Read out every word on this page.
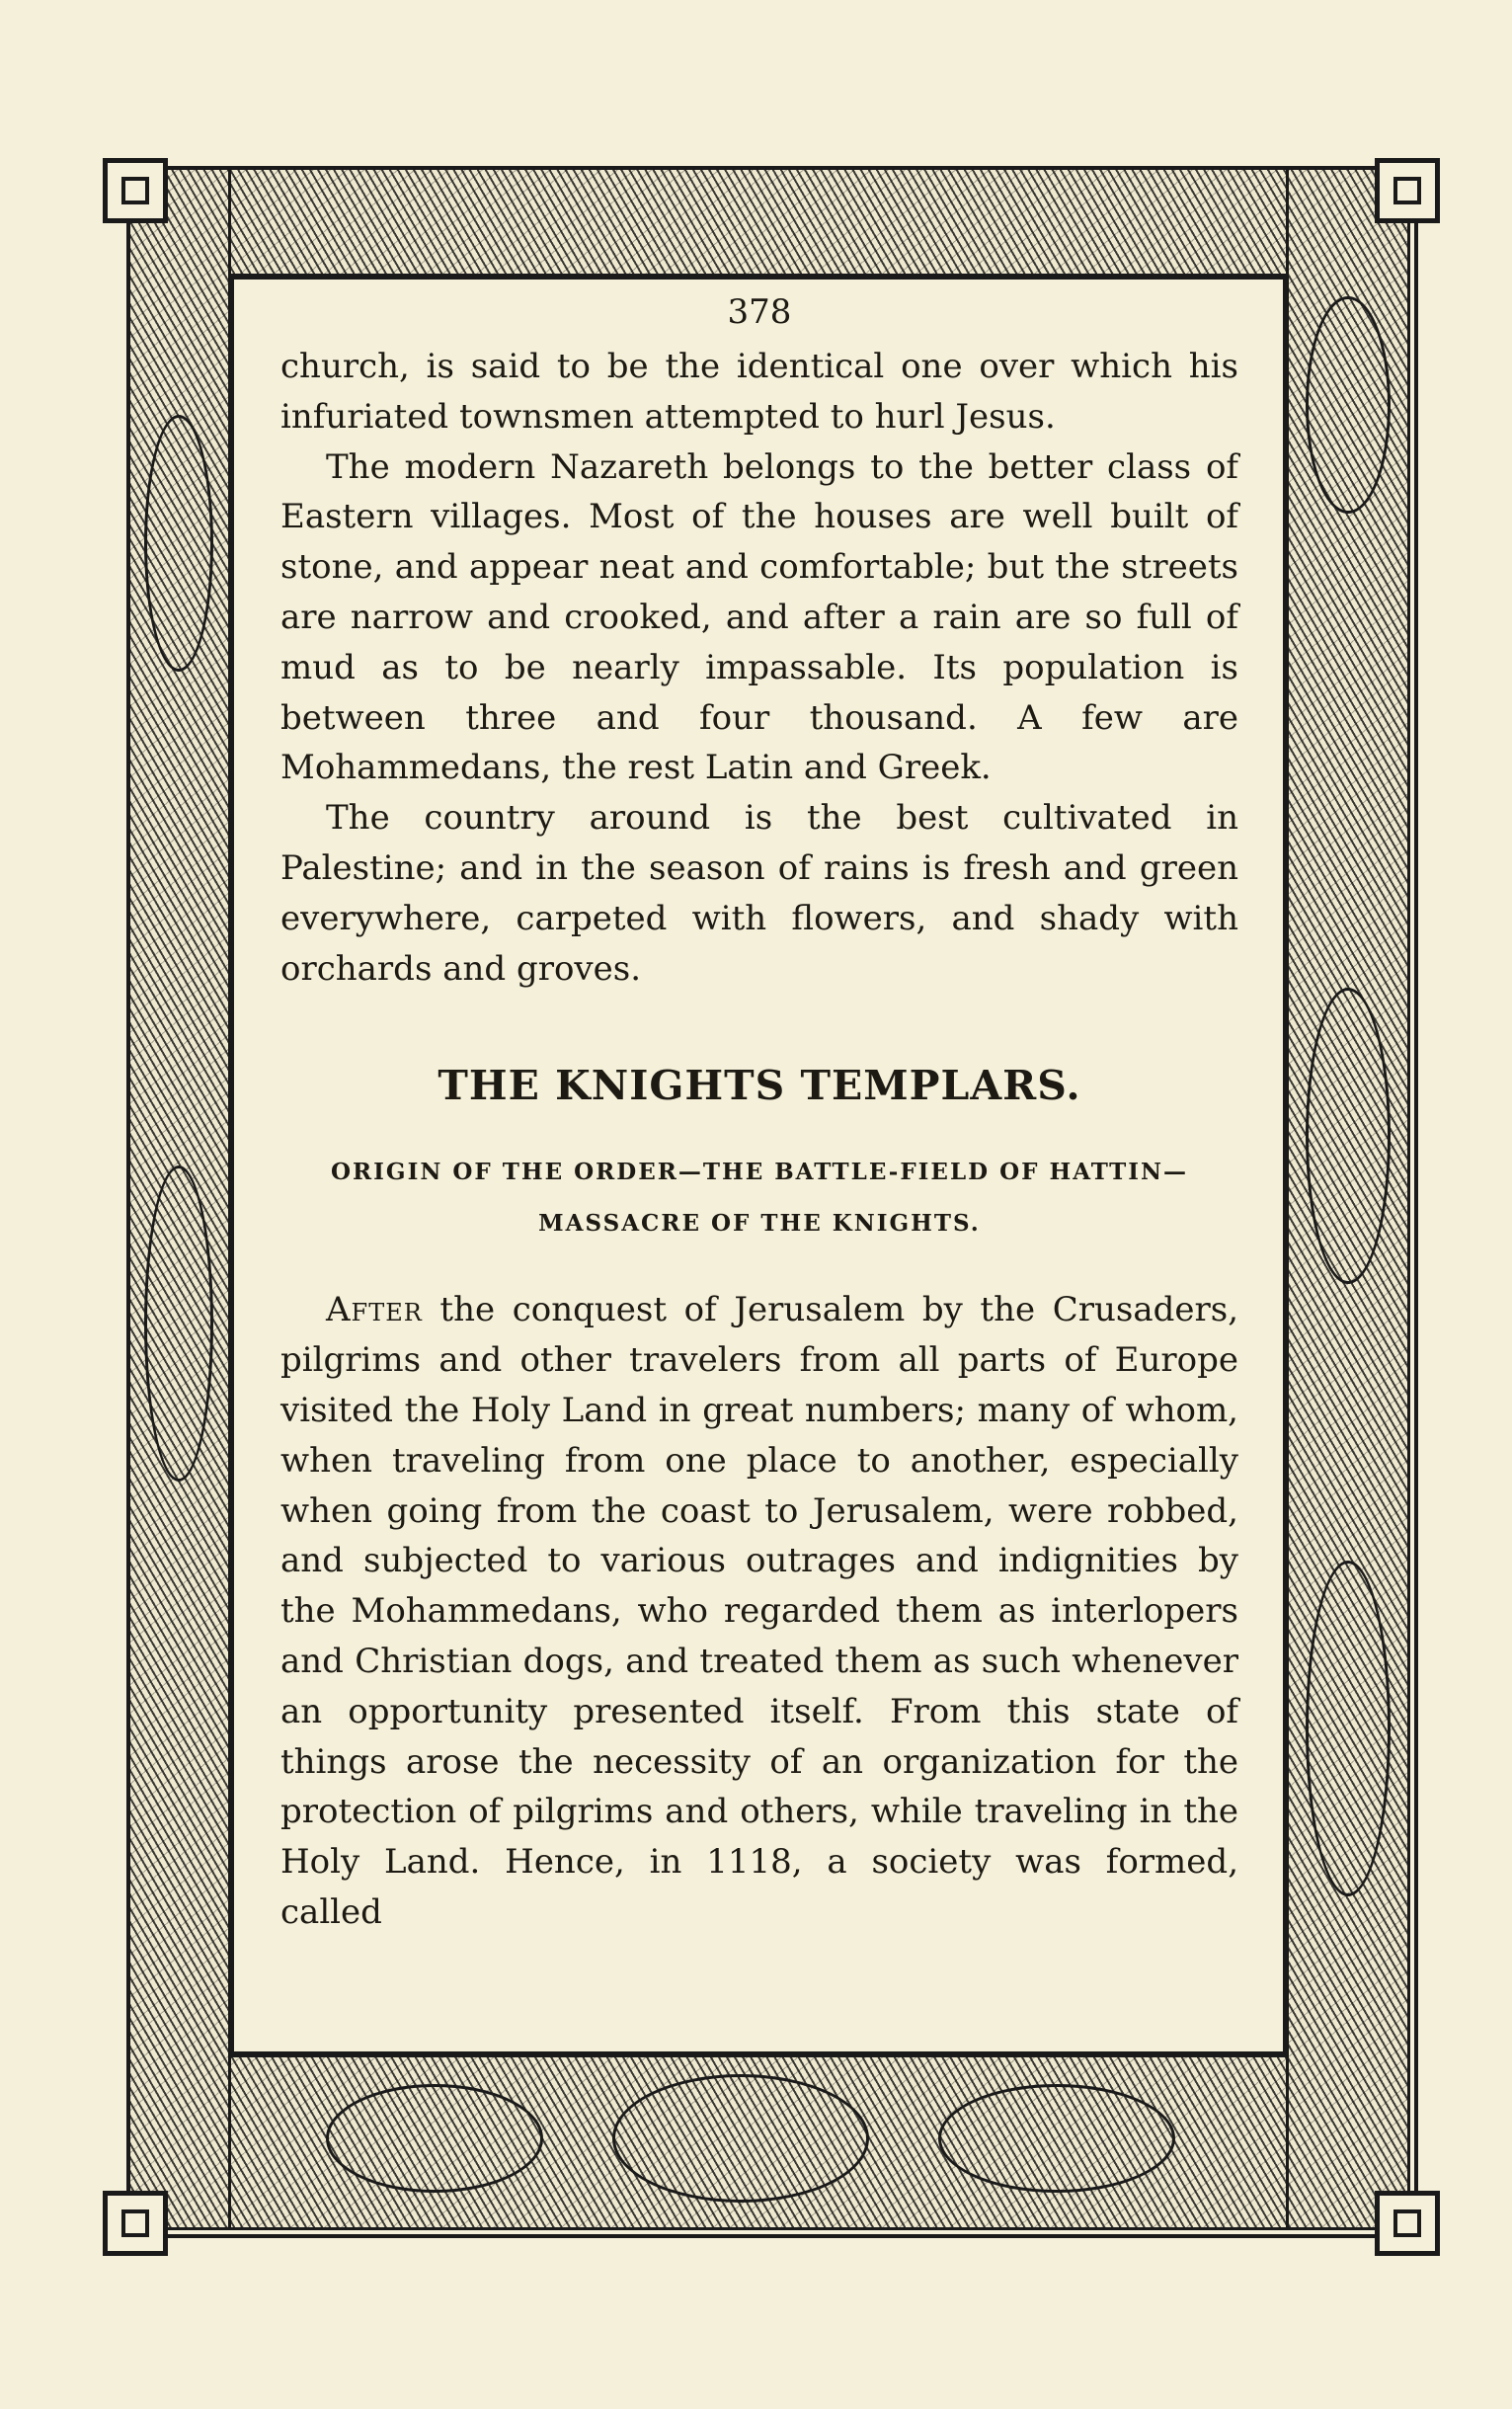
378

church, is said to be the identical one over which his infuriated townsmen attempted to hurl Jesus.

The modern Nazareth belongs to the better class of Eastern villages. Most of the houses are well built of stone, and appear neat and comfortable; but the streets are narrow and crooked, and after a rain are so full of mud as to be nearly impassable. Its population is between three and four thousand. A few are Mohammedans, the rest Latin and Greek.

The country around is the best cultivated in Palestine; and in the season of rains is fresh and green everywhere, carpeted with flowers, and shady with orchards and groves.

THE KNIGHTS TEMPLARS.

ORIGIN OF THE ORDER—THE BATTLE-FIELD OF HATTIN—

MASSACRE OF THE KNIGHTS.

After the conquest of Jerusalem by the Crusaders, pilgrims and other travelers from all parts of Europe visited the Holy Land in great numbers; many of whom, when traveling from one place to another, especially when going from the coast to Jerusalem, were robbed, and subjected to various outrages and indignities by the Mohammedans, who regarded them as interlopers and Christian dogs, and treated them as such whenever an opportunity presented itself. From this state of things arose the necessity of an organization for the protection of pilgrims and others, while traveling in the Holy Land. Hence, in 1118, a society was formed, called
